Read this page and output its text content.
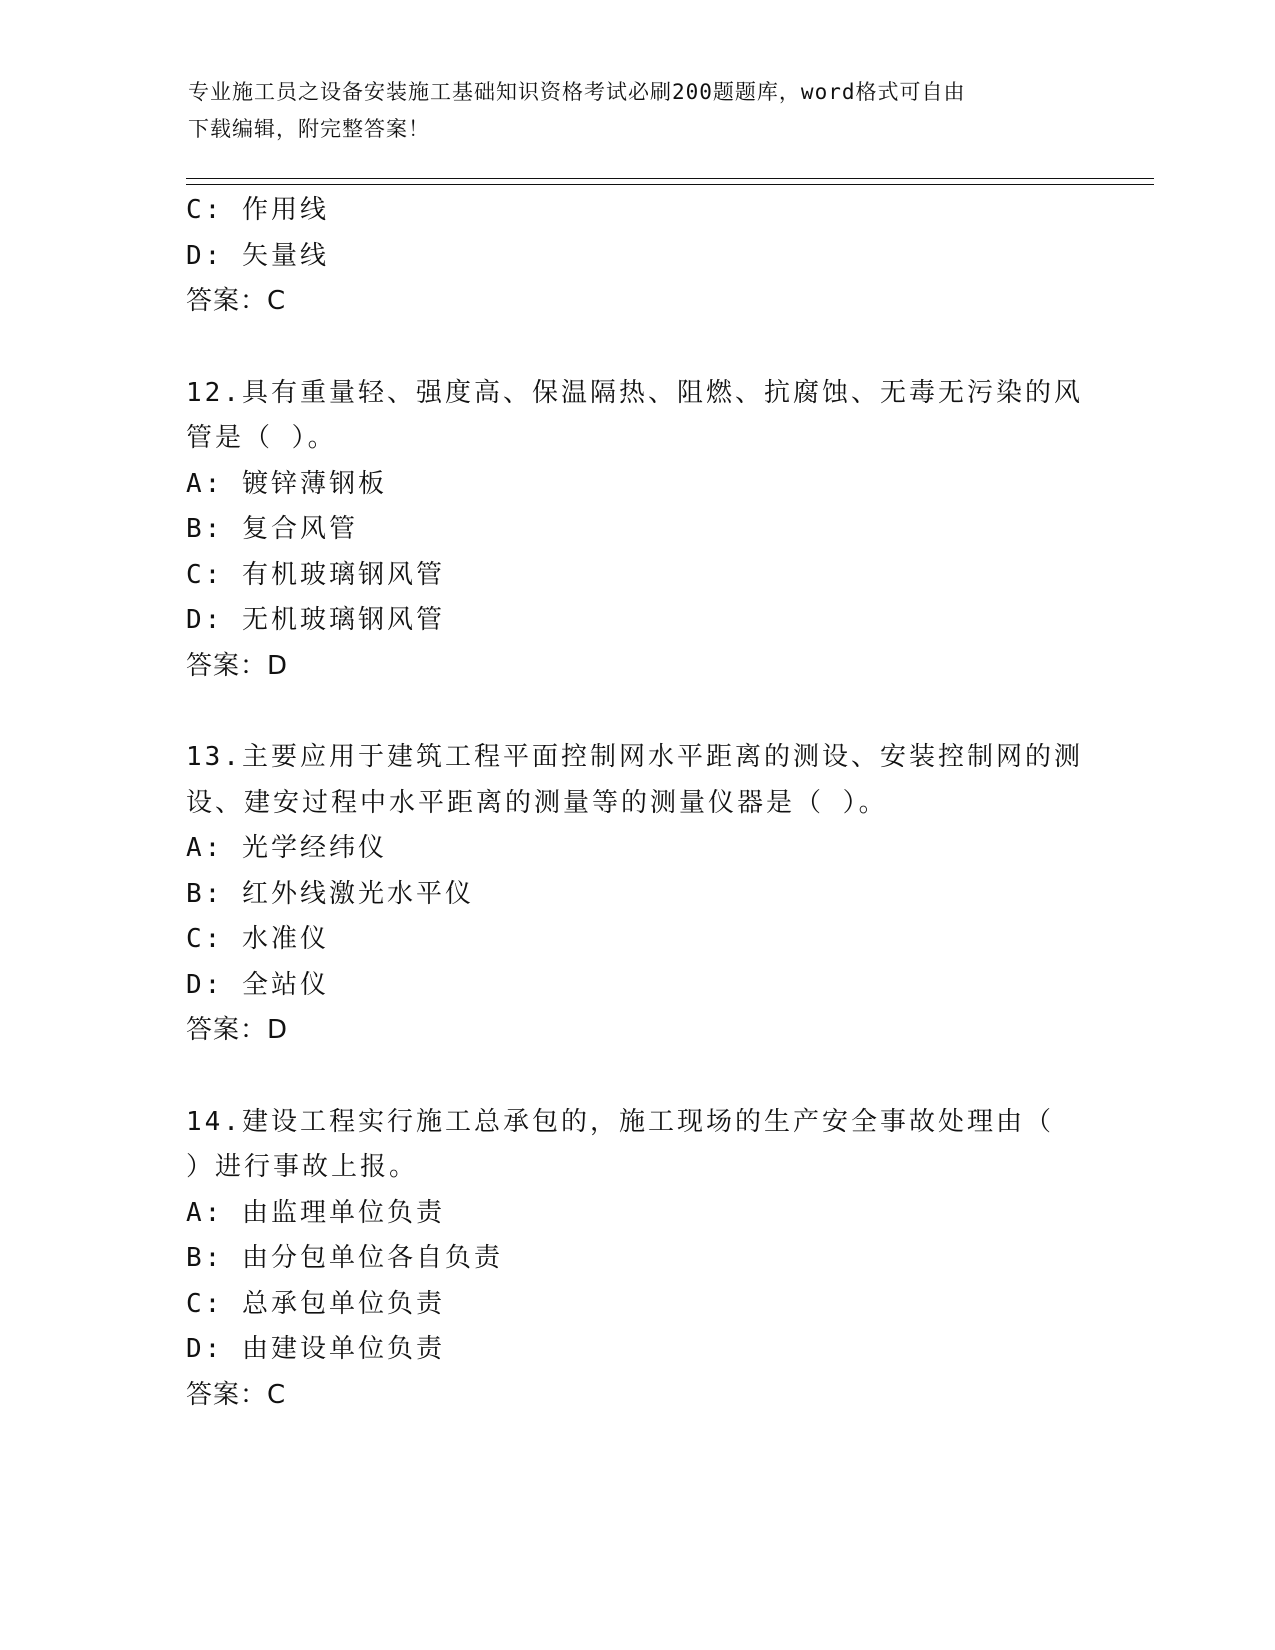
专业施工员之设备安装施工基础知识资格考试必刷200题题库，word格式可自由
下载编辑，附完整答案！
C: 作用线
D: 矢量线
答案：C
12.具有重量轻、强度高、保温隔热、阻燃、抗腐蚀、无毒无污染的风
管是（ ）。
A: 镀锌薄钢板
B: 复合风管
C: 有机玻璃钢风管
D: 无机玻璃钢风管
答案：D
13.主要应用于建筑工程平面控制网水平距离的测设、安装控制网的测
设、建安过程中水平距离的测量等的测量仪器是（ ）。
A: 光学经纬仪
B: 红外线激光水平仪
C: 水准仪
D: 全站仪
答案：D
14.建设工程实行施工总承包的，施工现场的生产安全事故处理由（
）进行事故上报。
A: 由监理单位负责
B: 由分包单位各自负责
C: 总承包单位负责
D: 由建设单位负责
答案：C
